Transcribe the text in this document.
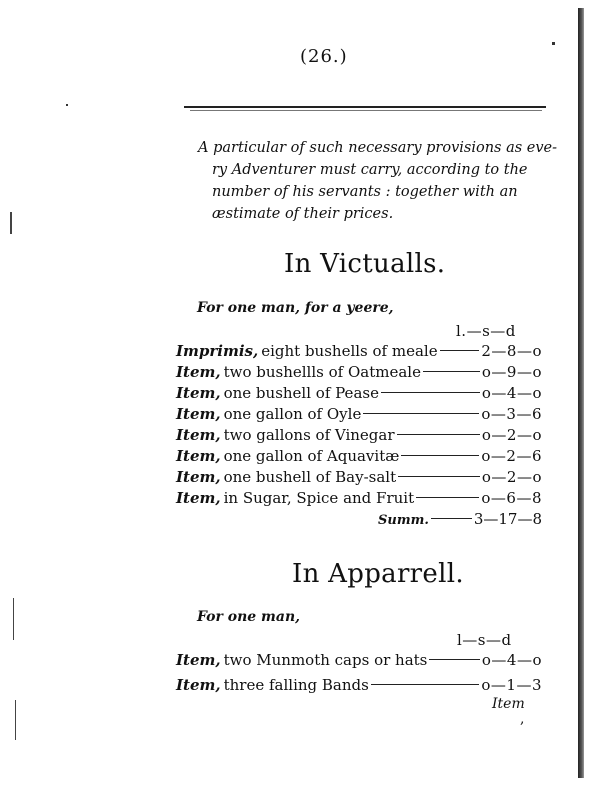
(26.)
A particular of such necessary provisions as eve-
ry Adventurer must carry, according to the
number of his servants : together with an
æstimate of their prices.
In Victualls.
For one man, for a yeere,
l.—s—d
Imprimis, eight bushells of meale	2—8—o
Item, two bushellls of Oatmeale	o—9—o
Item, one bushell of Pease	o—4—o
Item, one gallon of Oyle	o—3—6
Item, two gallons of Vinegar	o—2—o
Item, one gallon of Aquavitæ	o—2—6
Item, one bushell of Bay-salt	o—2—o
Item, in Sugar, Spice and Fruit	o—6—8
Summ.	3—17—8
In Apparrell.
For one man,
l—s—d
Item, two Munmoth caps or hats	o—4—o
Item, three falling Bands	o—1—3
Item
,
